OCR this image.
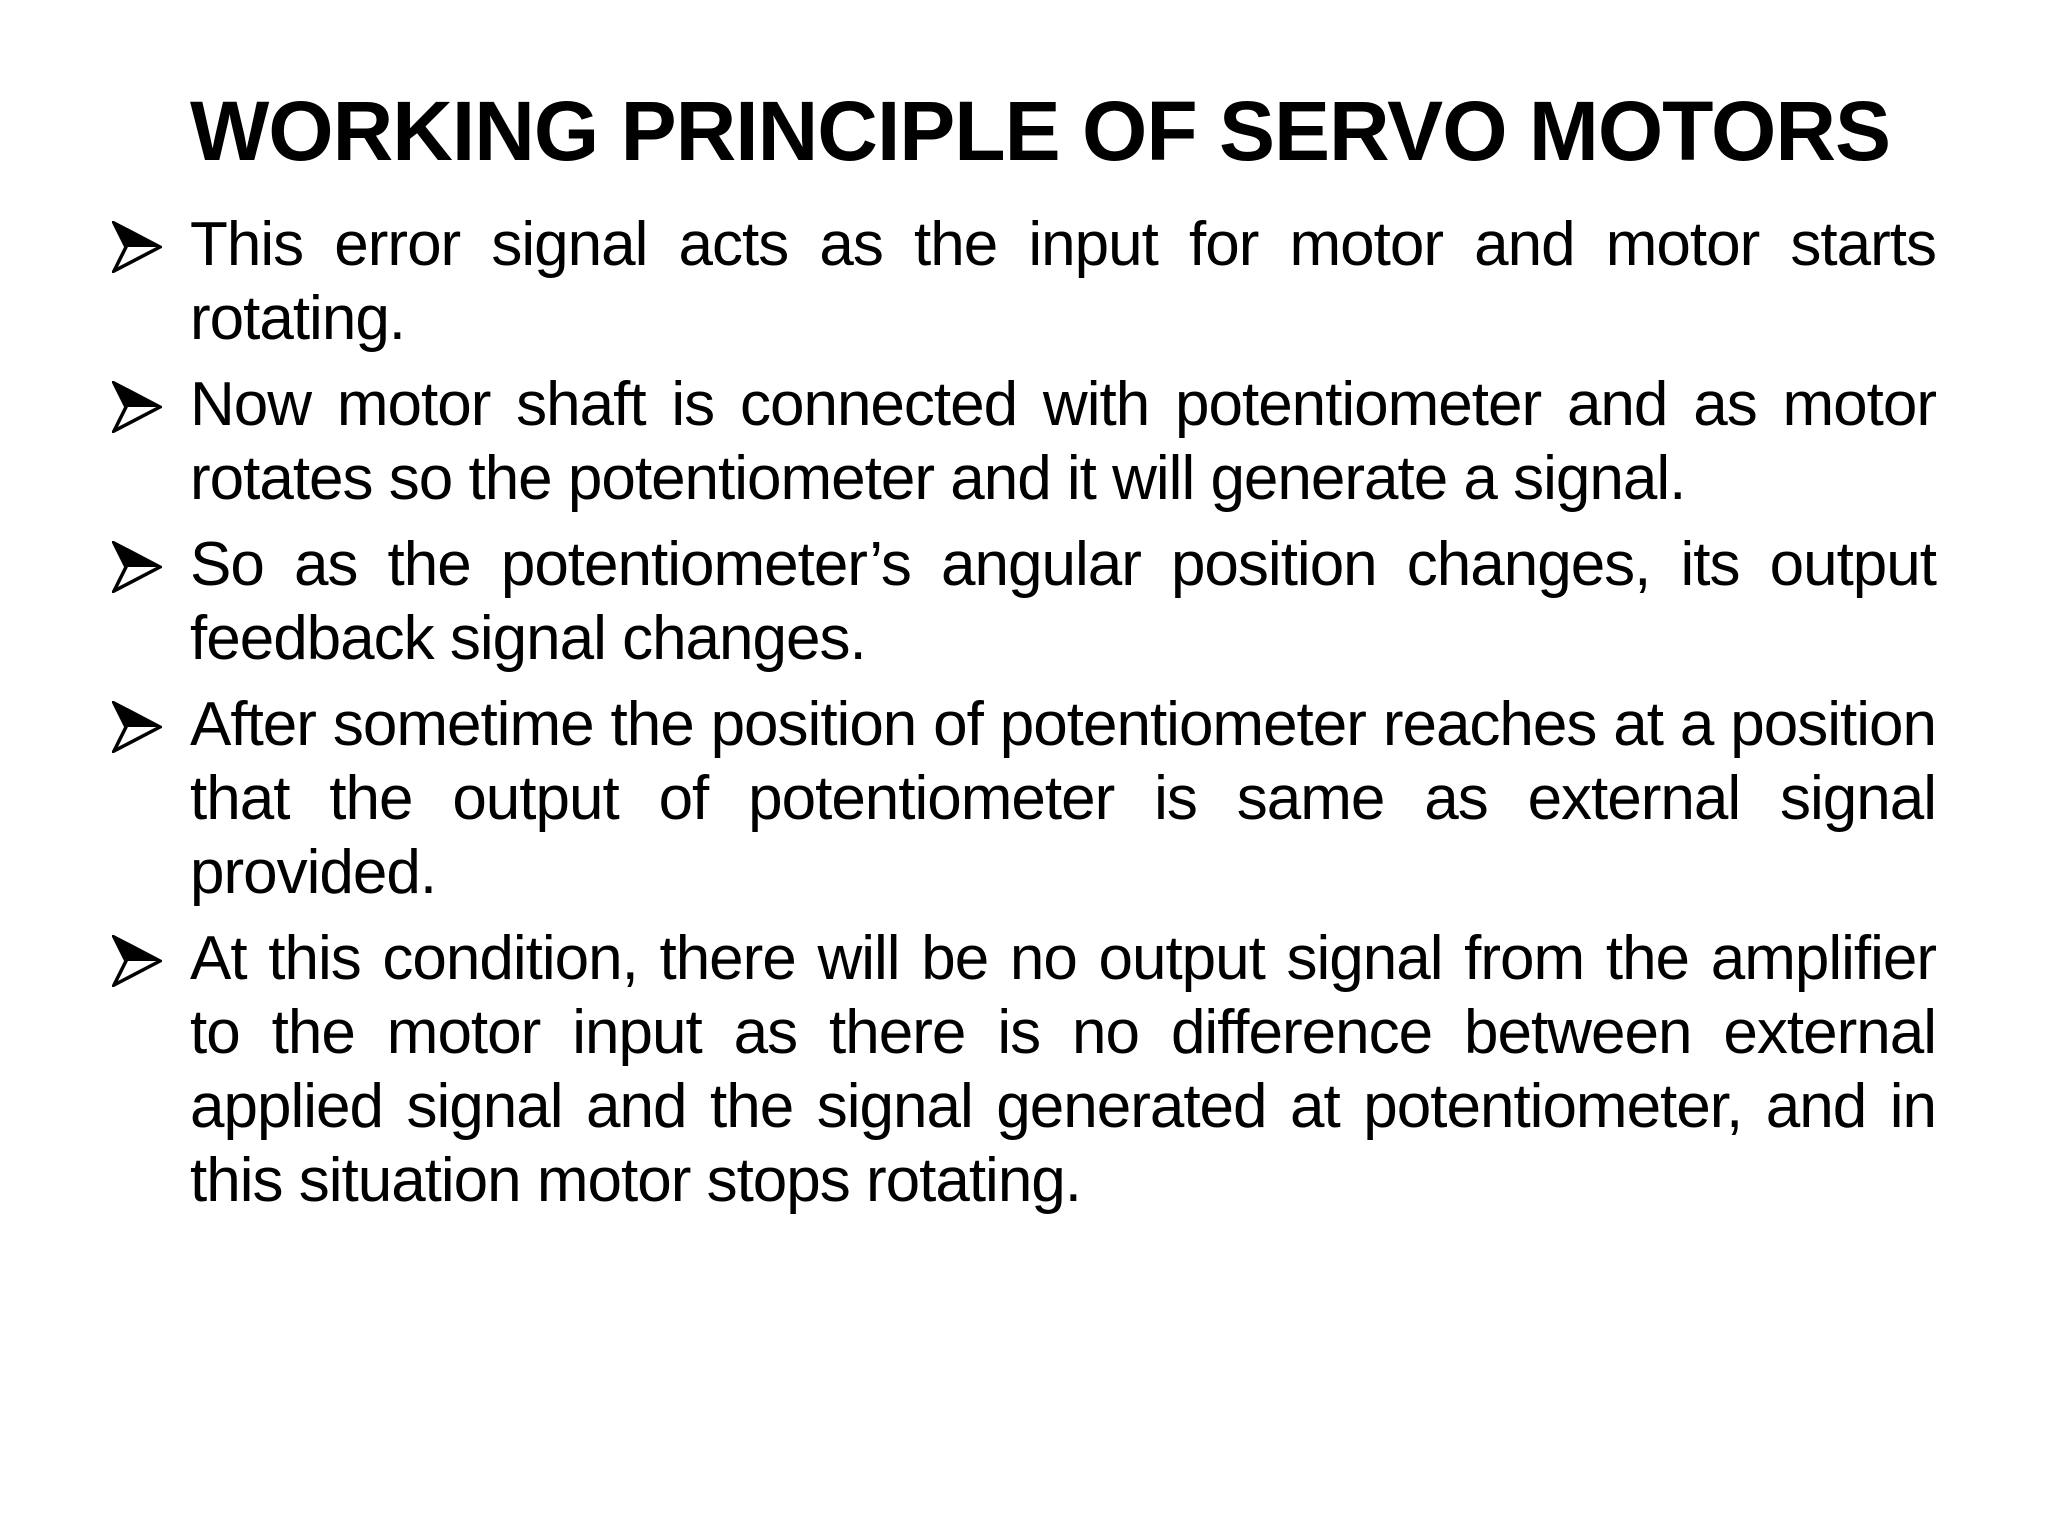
WORKING PRINCIPLE OF SERVO MOTORS
This error signal acts as the input for motor and motor starts rotating.
Now motor shaft is connected with potentiometer and as motor rotates so the potentiometer and it will generate a signal.
So as the potentiometer’s angular position changes, its output feedback signal changes.
After sometime the position of potentiometer reaches at a position that the output of potentiometer is same as external signal provided.
At this condition, there will be no output signal from the amplifier to the motor input as there is no difference between external applied signal and the signal generated at potentiometer, and in this situation motor stops rotating.
